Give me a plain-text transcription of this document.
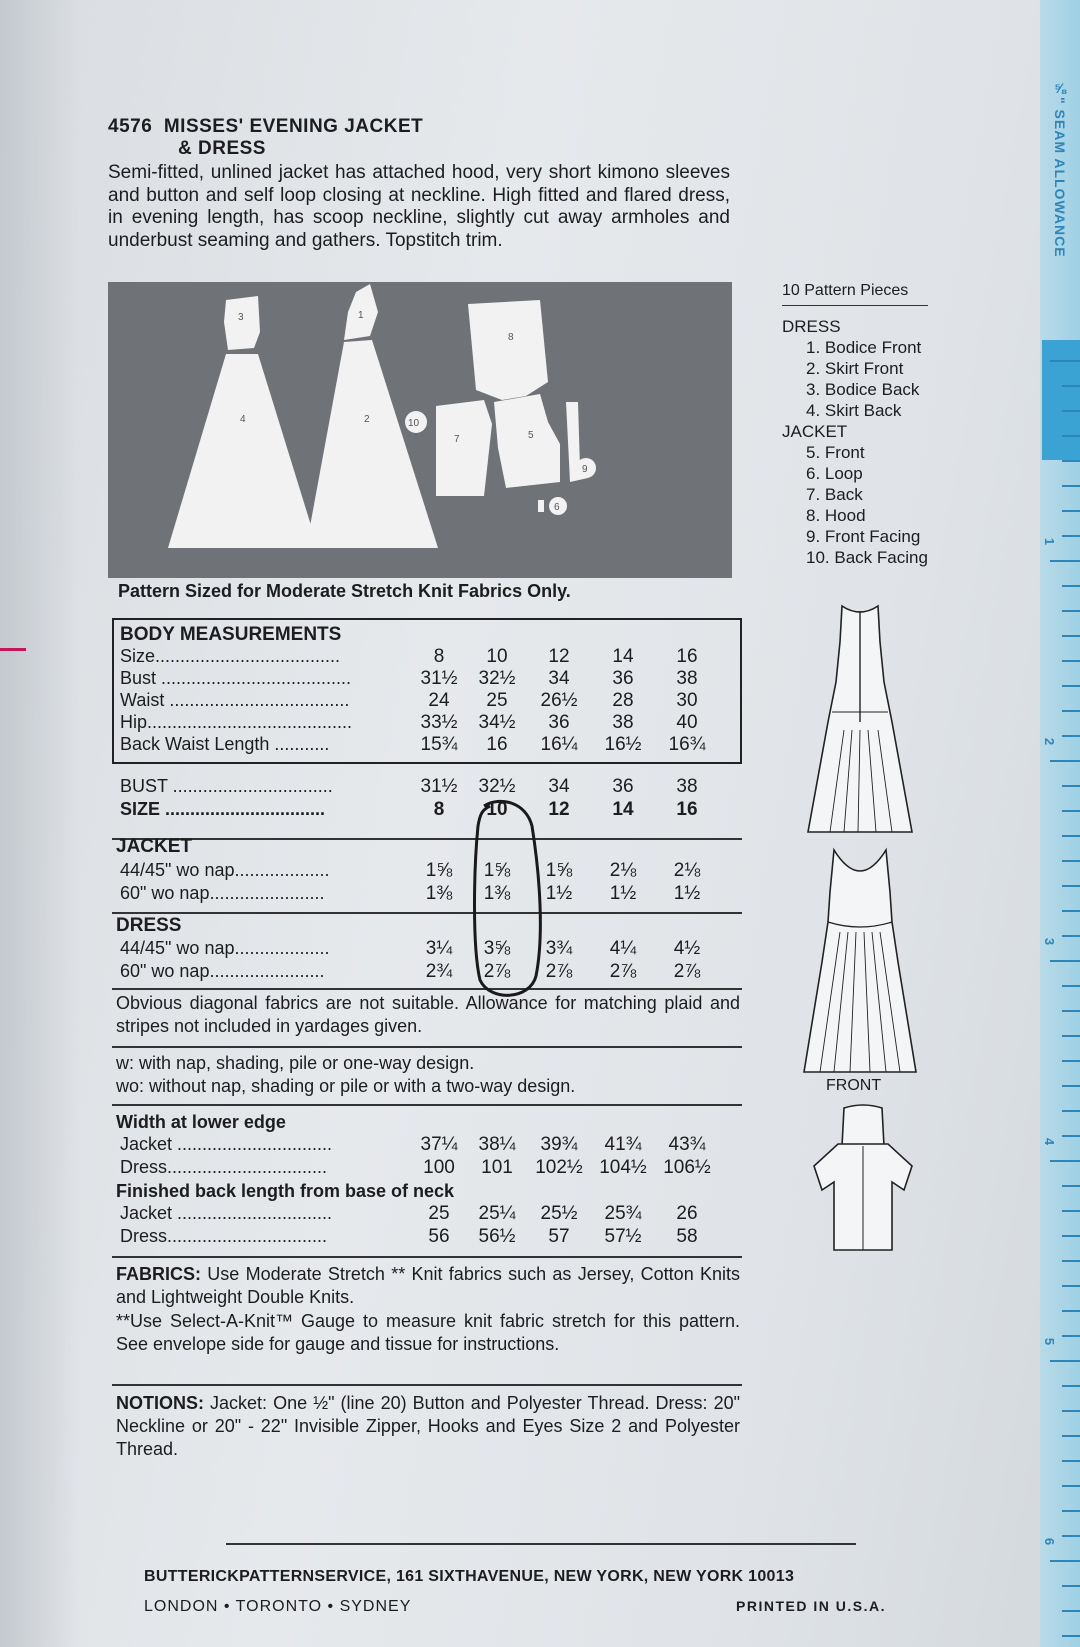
4576 MISSES' EVENING JACKET
& DRESS
Semi-fitted, unlined jacket has attached hood, very short kimono sleeves and button and self loop closing at neckline. High fitted and flared dress, in evening length, has scoop neckline, slightly cut away armholes and underbust seaming and gathers. Topstitch trim.
3
4
1
2	10
7
8
5
9
6
Pattern Sized for Moderate Stretch Knit Fabrics Only.
10 Pattern Pieces
DRESS
1. Bodice Front
2. Skirt Front
3. Bodice Back
4. Skirt Back
JACKET
5. Front
6. Loop
7. Back
8. Hood
9. Front Facing
10. Back Facing
BODY MEASUREMENTS
Size.....................................	8	10	12	14	16
Bust ......................................	31½	32½	34	36	38
Waist ....................................	24	25	26½	28	30
Hip.........................................	33½	34½	36	38	40
Back Waist Length ...........	15¾	16	16¼	16½	16¾
BUST ................................	31½	32½	34	36	38
SIZE ................................	8	10	12	14	16
44/45" wo nap...................	1⅝	1⅝	1⅝	2⅛	2⅛
60" wo nap.......................	1⅜	1⅜	1½	1½	1½
44/45" wo nap...................	3¼	3⅝	3¾	4¼	4½
60" wo nap.......................	2¾	2⅞	2⅞	2⅞	2⅞
Jacket ...............................	37¼	38¼	39¾	41¾	43¾
Dress................................	100	101	102½ 104½ 106½
Jacket ...............................	25	25¼	25½	25¾	26
Dress................................	56	56½	57	57½	58
JACKET
DRESS
Obvious diagonal fabrics are not suitable. Allowance for matching plaid and stripes not included in yardages given.
w: with nap, shading, pile or one-way design.
wo: without nap, shading or pile or with a two-way design.
Width at lower edge
Finished back length from base of neck
FABRICS: Use Moderate Stretch ** Knit fabrics such as Jersey, Cotton Knits and Lightweight Double Knits.
**Use Select-A-Knit™ Gauge to measure knit fabric stretch for this pattern. See envelope side for gauge and tissue for instructions.
NOTIONS: Jacket: One ½" (line 20) Button and Polyester Thread. Dress: 20" Neckline or 20" - 22" Invisible Zipper, Hooks and Eyes Size 2 and Polyester Thread.
FRONT
⅝" SEAM ALLOWANCE
1
2
3
4
5
6
BUTTERICKPATTERNSERVICE, 161 SIXTHAVENUE, NEW YORK, NEW YORK 10013
LONDON • TORONTO • SYDNEY	PRINTED IN U.S.A.
